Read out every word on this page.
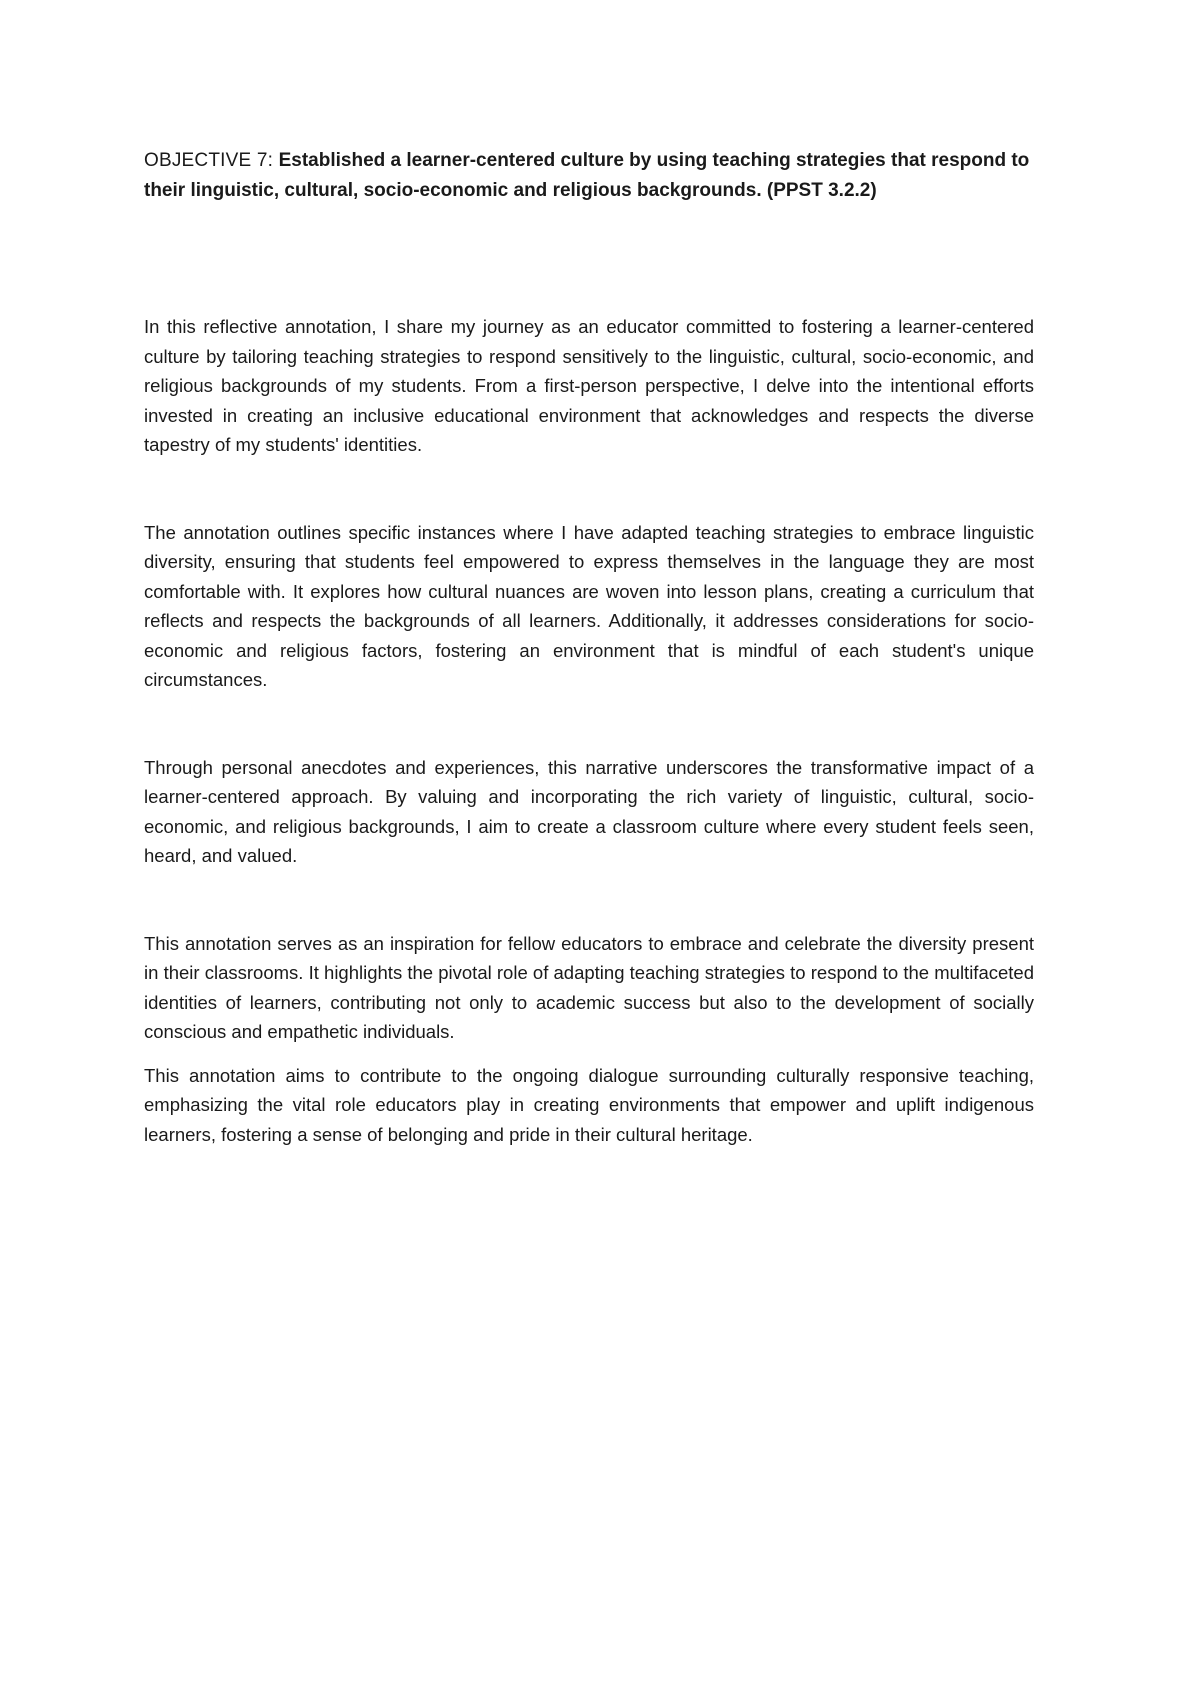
OBJECTIVE 7: Established a learner-centered culture by using teaching strategies that respond to their linguistic, cultural, socio-economic and religious backgrounds. (PPST 3.2.2)

In this reflective annotation, I share my journey as an educator committed to fostering a learner-centered culture by tailoring teaching strategies to respond sensitively to the linguistic, cultural, socio-economic, and religious backgrounds of my students. From a first-person perspective, I delve into the intentional efforts invested in creating an inclusive educational environment that acknowledges and respects the diverse tapestry of my students' identities.

The annotation outlines specific instances where I have adapted teaching strategies to embrace linguistic diversity, ensuring that students feel empowered to express themselves in the language they are most comfortable with. It explores how cultural nuances are woven into lesson plans, creating a curriculum that reflects and respects the backgrounds of all learners. Additionally, it addresses considerations for socio-economic and religious factors, fostering an environment that is mindful of each student's unique circumstances.

Through personal anecdotes and experiences, this narrative underscores the transformative impact of a learner-centered approach. By valuing and incorporating the rich variety of linguistic, cultural, socio-economic, and religious backgrounds, I aim to create a classroom culture where every student feels seen, heard, and valued.

This annotation serves as an inspiration for fellow educators to embrace and celebrate the diversity present in their classrooms. It highlights the pivotal role of adapting teaching strategies to respond to the multifaceted identities of learners, contributing not only to academic success but also to the development of socially conscious and empathetic individuals.

This annotation aims to contribute to the ongoing dialogue surrounding culturally responsive teaching, emphasizing the vital role educators play in creating environments that empower and uplift indigenous learners, fostering a sense of belonging and pride in their cultural heritage.
